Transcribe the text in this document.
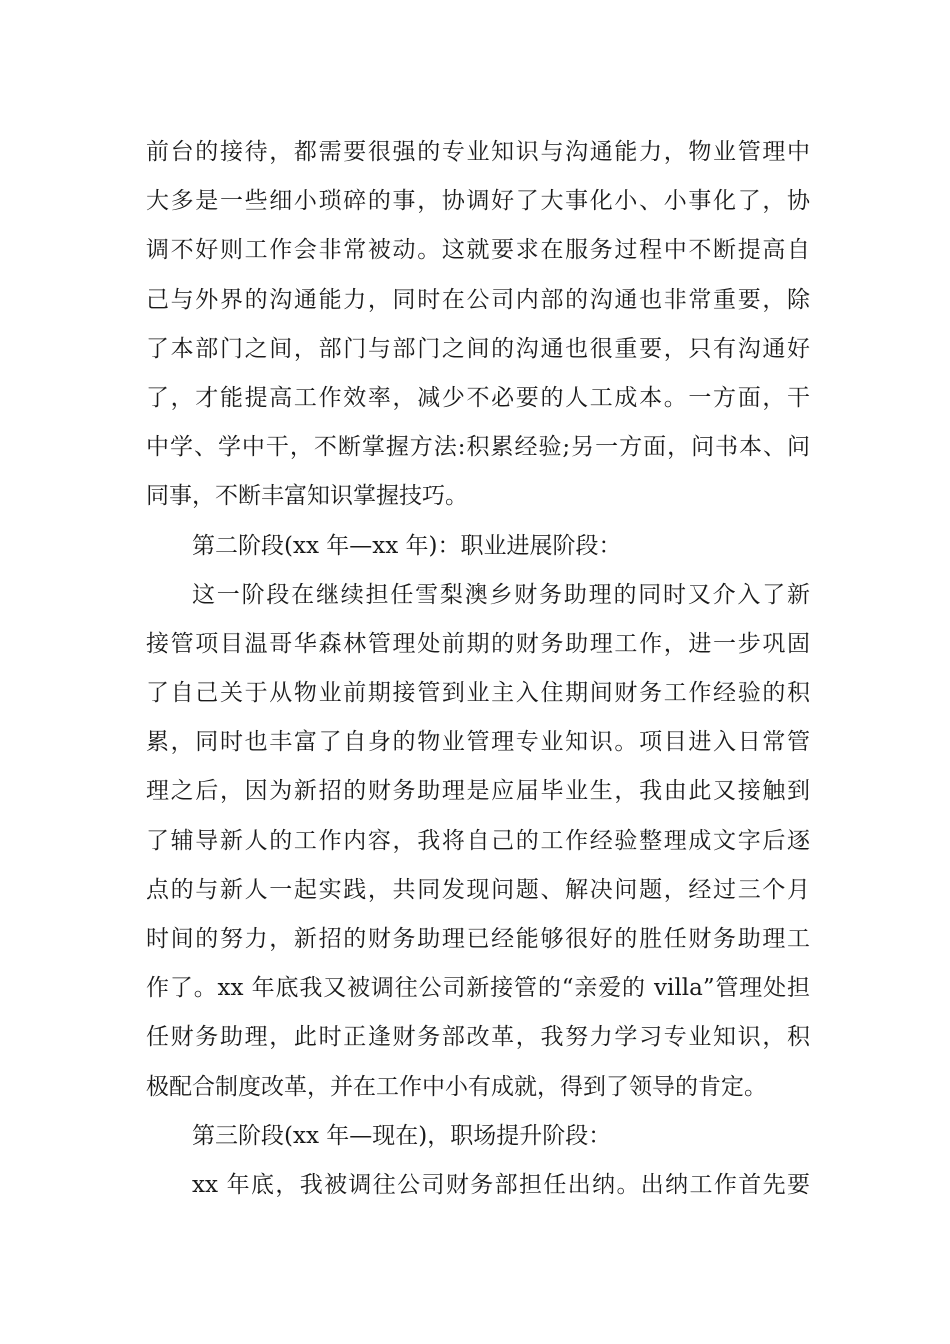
前台的接待，都需要很强的专业知识与沟通能力，物业管理中
大多是一些细小琐碎的事，协调好了大事化小、小事化了，协
调不好则工作会非常被动。这就要求在服务过程中不断提高自
己与外界的沟通能力，同时在公司内部的沟通也非常重要，除
了本部门之间，部门与部门之间的沟通也很重要，只有沟通好
了，才能提高工作效率，减少不必要的人工成本。一方面，干
中学、学中干，不断掌握方法:积累经验;另一方面，问书本、问
同事，不断丰富知识掌握技巧。
第二阶段(xx 年—xx 年)：职业进展阶段：
这一阶段在继续担任雪梨澳乡财务助理的同时又介入了新
接管项目温哥华森林管理处前期的财务助理工作，进一步巩固
了自己关于从物业前期接管到业主入住期间财务工作经验的积
累，同时也丰富了自身的物业管理专业知识。项目进入日常管
理之后，因为新招的财务助理是应届毕业生，我由此又接触到
了辅导新人的工作内容，我将自己的工作经验整理成文字后逐
点的与新人一起实践，共同发现问题、解决问题，经过三个月
时间的努力，新招的财务助理已经能够很好的胜任财务助理工
作了。xx 年底我又被调往公司新接管的“亲爱的 villa”管理处担
任财务助理，此时正逢财务部改革，我努力学习专业知识，积
极配合制度改革，并在工作中小有成就，得到了领导的肯定。
第三阶段(xx 年—现在)，职场提升阶段：
xx 年底，我被调往公司财务部担任出纳。出纳工作首先要
